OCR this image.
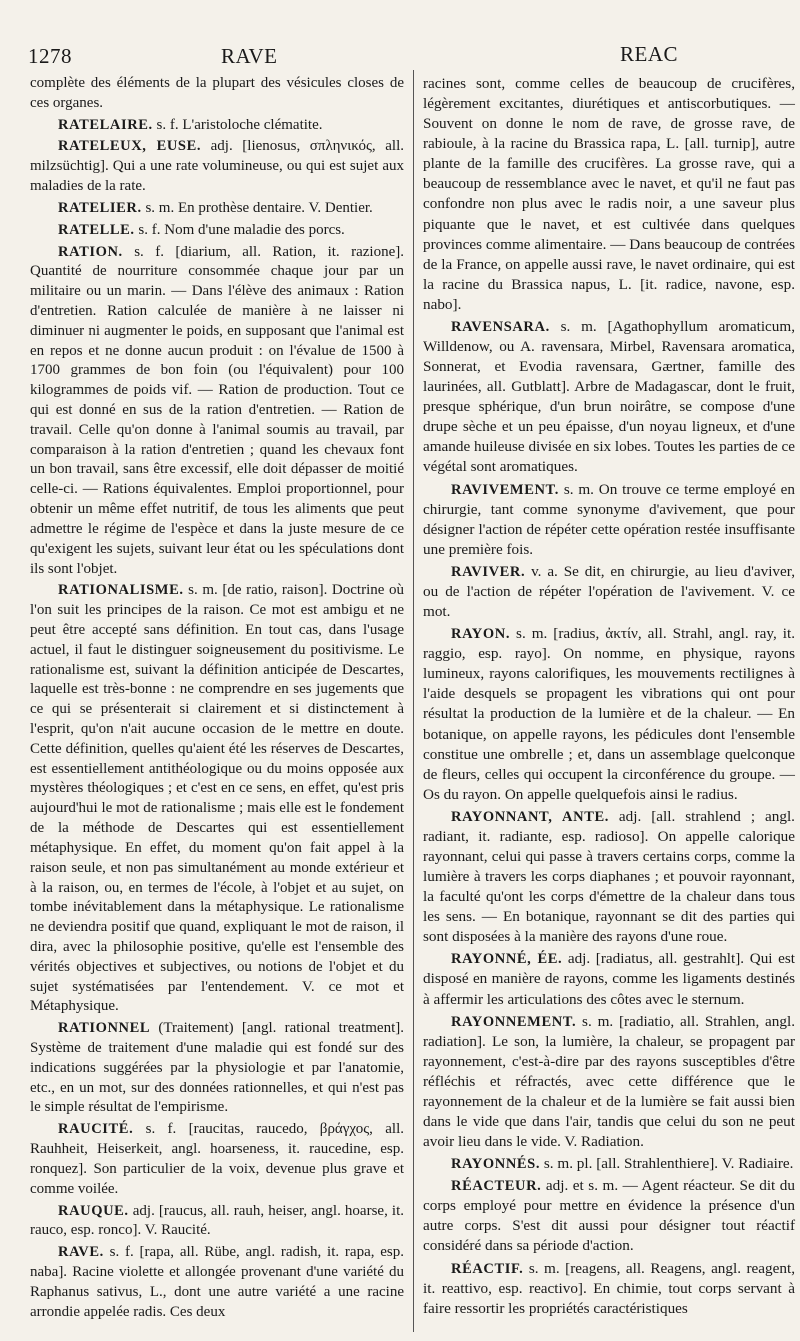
1278	RAVE	REAC

complète des éléments de la plupart des vésicules closes de ces organes.

RATELAIRE. s. f. L'aristoloche clématite.

RATELEUX, EUSE. adj. [lienosus, σπληνικός, all. milzsüchtig]. Qui a une rate volumineuse, ou qui est sujet aux maladies de la rate.

RATELIER. s. m. En prothèse dentaire. V. Dentier.

RATELLE. s. f. Nom d'une maladie des porcs.

RATION. s. f. [diarium, all. Ration, it. razione]. Quantité de nourriture consommée chaque jour par un militaire ou un marin. — Dans l'élève des animaux : Ration d'entretien. Ration calculée de manière à ne laisser ni diminuer ni augmenter le poids, en supposant que l'animal est en repos et ne donne aucun produit : on l'évalue de 1500 à 1700 grammes de bon foin (ou l'équivalent) pour 100 kilogrammes de poids vif. — Ration de production. Tout ce qui est donné en sus de la ration d'entretien. — Ration de travail. Celle qu'on donne à l'animal soumis au travail, par comparaison à la ration d'entretien ; quand les chevaux font un bon travail, sans être excessif, elle doit dépasser de moitié celle-ci. — Rations équivalentes. Emploi proportionnel, pour obtenir un même effet nutritif, de tous les aliments que peut admettre le régime de l'espèce et dans la juste mesure de ce qu'exigent les sujets, suivant leur état ou les spéculations dont ils sont l'objet.

RATIONALISME. s. m. [de ratio, raison]. Doctrine où l'on suit les principes de la raison. Ce mot est ambigu et ne peut être accepté sans définition. En tout cas, dans l'usage actuel, il faut le distinguer soigneusement du positivisme. Le rationalisme est, suivant la définition anticipée de Descartes, laquelle est très-bonne : ne comprendre en ses jugements que ce qui se présenterait si clairement et si distinctement à l'esprit, qu'on n'ait aucune occasion de le mettre en doute. Cette définition, quelles qu'aient été les réserves de Descartes, est essentiellement antithéologique ou du moins opposée aux mystères théologiques ; et c'est en ce sens, en effet, qu'est pris aujourd'hui le mot de rationalisme ; mais elle est le fondement de la méthode de Descartes qui est essentiellement métaphysique. En effet, du moment qu'on fait appel à la raison seule, et non pas simultanément au monde extérieur et à la raison, ou, en termes de l'école, à l'objet et au sujet, on tombe inévitablement dans la métaphysique. Le rationalisme ne deviendra positif que quand, expliquant le mot de raison, il dira, avec la philosophie positive, qu'elle est l'ensemble des vérités objectives et subjectives, ou notions de l'objet et du sujet systématisées par l'entendement. V. ce mot et Métaphysique.

RATIONNEL (Traitement) [angl. rational treatment]. Système de traitement d'une maladie qui est fondé sur des indications suggérées par la physiologie et par l'anatomie, etc., en un mot, sur des données rationnelles, et qui n'est pas le simple résultat de l'empirisme.

RAUCITÉ. s. f. [raucitas, raucedo, βράγχος, all. Rauhheit, Heiserkeit, angl. hoarseness, it. raucedine, esp. ronquez]. Son particulier de la voix, devenue plus grave et comme voilée.

RAUQUE. adj. [raucus, all. rauh, heiser, angl. hoarse, it. rauco, esp. ronco]. V. Raucité.

RAVE. s. f. [rapa, all. Rübe, angl. radish, it. rapa, esp. naba]. Racine violette et allongée provenant d'une variété du Raphanus sativus, L., dont une autre variété a une racine arrondie appelée radis. Ces deux

racines sont, comme celles de beaucoup de crucifères, légèrement excitantes, diurétiques et antiscorbutiques. — Souvent on donne le nom de rave, de grosse rave, de rabioule, à la racine du Brassica rapa, L. [all. turnip], autre plante de la famille des crucifères. La grosse rave, qui a beaucoup de ressemblance avec le navet, et qu'il ne faut pas confondre non plus avec le radis noir, a une saveur plus piquante que le navet, et est cultivée dans quelques provinces comme alimentaire. — Dans beaucoup de contrées de la France, on appelle aussi rave, le navet ordinaire, qui est la racine du Brassica napus, L. [it. radice, navone, esp. nabo].

RAVENSARA. s. m. [Agathophyllum aromaticum, Willdenow, ou A. ravensara, Mirbel, Ravensara aromatica, Sonnerat, et Evodia ravensara, Gærtner, famille des laurinées, all. Gutblatt]. Arbre de Madagascar, dont le fruit, presque sphérique, d'un brun noirâtre, se compose d'une drupe sèche et un peu épaisse, d'un noyau ligneux, et d'une amande huileuse divisée en six lobes. Toutes les parties de ce végétal sont aromatiques.

RAVIVEMENT. s. m. On trouve ce terme employé en chirurgie, tant comme synonyme d'avivement, que pour désigner l'action de répéter cette opération restée insuffisante une première fois.

RAVIVER. v. a. Se dit, en chirurgie, au lieu d'aviver, ou de l'action de répéter l'opération de l'avivement. V. ce mot.

RAYON. s. m. [radius, ἀκτίν, all. Strahl, angl. ray, it. raggio, esp. rayo]. On nomme, en physique, rayons lumineux, rayons calorifiques, les mouvements rectilignes à l'aide desquels se propagent les vibrations qui ont pour résultat la production de la lumière et de la chaleur. — En botanique, on appelle rayons, les pédicules dont l'ensemble constitue une ombrelle ; et, dans un assemblage quelconque de fleurs, celles qui occupent la circonférence du groupe. — Os du rayon. On appelle quelquefois ainsi le radius.

RAYONNANT, ANTE. adj. [all. strahlend ; angl. radiant, it. radiante, esp. radioso]. On appelle calorique rayonnant, celui qui passe à travers certains corps, comme la lumière à travers les corps diaphanes ; et pouvoir rayonnant, la faculté qu'ont les corps d'émettre de la chaleur dans tous les sens. — En botanique, rayonnant se dit des parties qui sont disposées à la manière des rayons d'une roue.

RAYONNÉ, ÉE. adj. [radiatus, all. gestrahlt]. Qui est disposé en manière de rayons, comme les ligaments destinés à affermir les articulations des côtes avec le sternum.

RAYONNEMENT. s. m. [radiatio, all. Strahlen, angl. radiation]. Le son, la lumière, la chaleur, se propagent par rayonnement, c'est-à-dire par des rayons susceptibles d'être réfléchis et réfractés, avec cette différence que le rayonnement de la chaleur et de la lumière se fait aussi bien dans le vide que dans l'air, tandis que celui du son ne peut avoir lieu dans le vide. V. Radiation.

RAYONNÉS. s. m. pl. [all. Strahlenthiere]. V. Radiaire.

RÉACTEUR. adj. et s. m. — Agent réacteur. Se dit du corps employé pour mettre en évidence la présence d'un autre corps. S'est dit aussi pour désigner tout réactif considéré dans sa période d'action.

RÉACTIF. s. m. [reagens, all. Reagens, angl. reagent, it. reattivo, esp. reactivo]. En chimie, tout corps servant à faire ressortir les propriétés caractéristiques
